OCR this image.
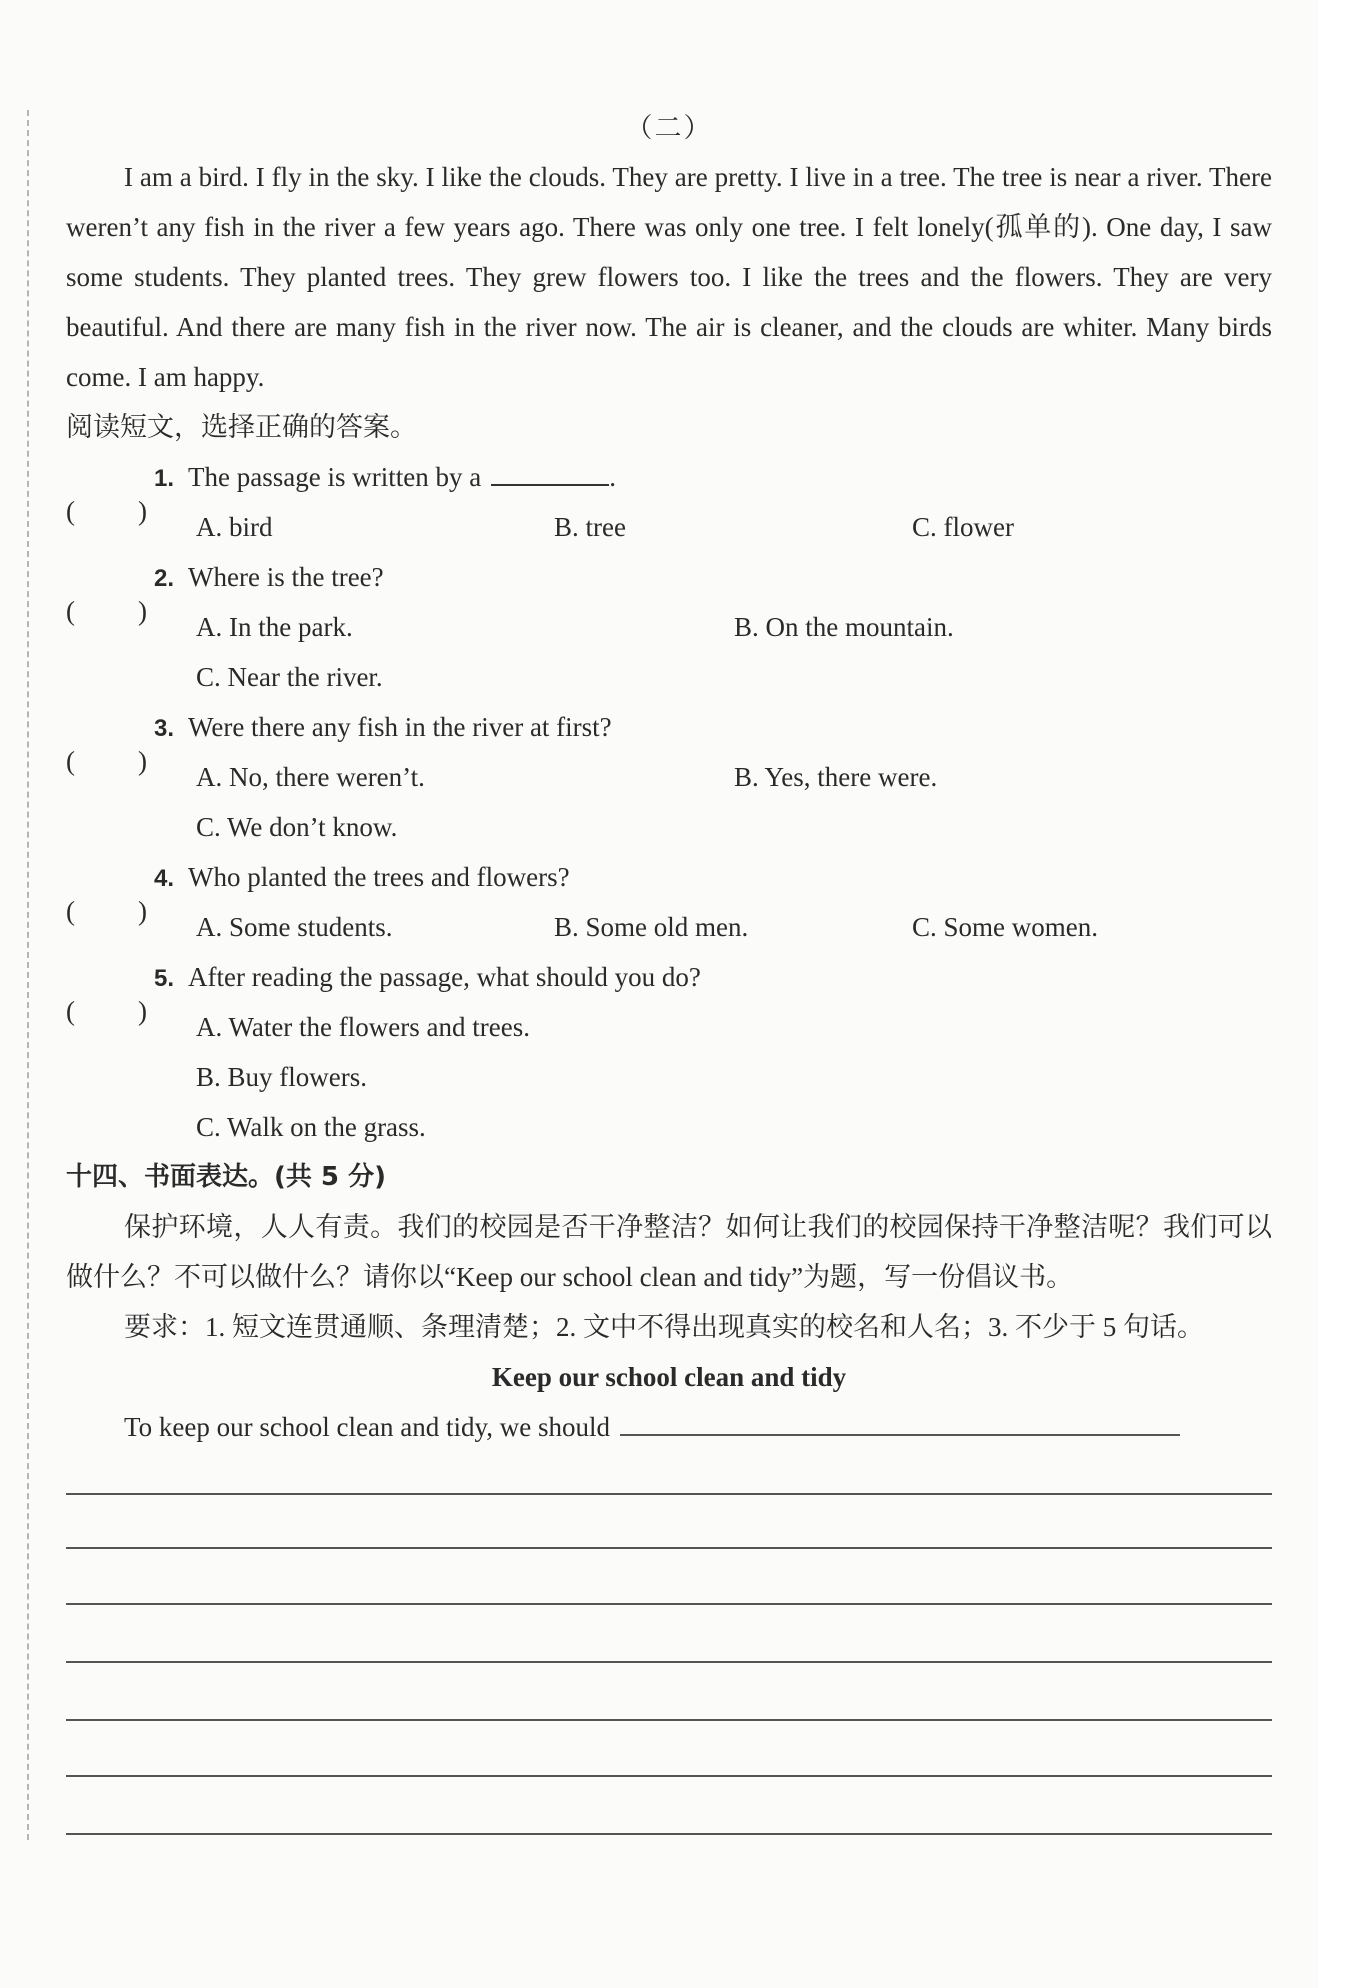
（二）

I am a bird. I fly in the sky. I like the clouds. They are pretty. I live in a tree. The tree is near a river. There weren’t any fish in the river a few years ago. There was only one tree. I felt lonely(孤单的). One day, I saw some students. They planted trees. They grew flowers too. I like the trees and the flowers. They are very beautiful. And there are many fish in the river now. The air is cleaner, and the clouds are whiter. Many birds come. I am happy.

阅读短文，选择正确的答案。
( )
1. The passage is written by a	.
A. bird	B. tree	C. flower
( )
2. Where is the tree?
A. In the park.	B. On the mountain.
C. Near the river.
( )
3. Were there any fish in the river at first?
A. No, there weren’t.	B. Yes, there were.
C. We don’t know.
( )
4. Who planted the trees and flowers?
A. Some students.	B. Some old men.	C. Some women.
( )
5. After reading the passage, what should you do?
A. Water the flowers and trees.
B. Buy flowers.
C. Walk on the grass.
十四、书面表达。(共 5 分)

保护环境，人人有责。我们的校园是否干净整洁？如何让我们的校园保持干净整洁呢？我们可以做什么？不可以做什么？请你以“Keep our school clean and tidy”为题，写一份倡议书。

要求：1. 短文连贯通顺、条理清楚；2. 文中不得出现真实的校名和人名；3. 不少于 5 句话。
Keep our school clean and tidy
To keep our school clean and tidy, we should
